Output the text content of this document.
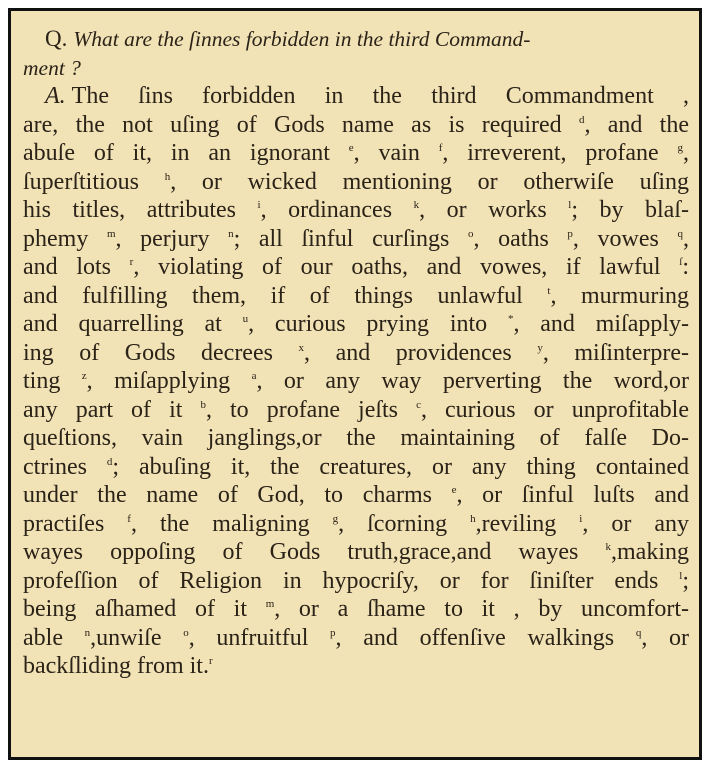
Q. What are the ſinnes forbidden in the third Command-
ment ?
A. The ſins forbidden in the third Commandment ,
are, the not uſing of Gods name as is required $^d$, and the
abuſe of it, in an ignorant $^e$, vain $^f$, irreverent, profane $^g$,
ſuperſtitious $^h$, or wicked mentioning or otherwiſe uſing
his titles, attributes $^i$, ordinances $^k$, or works $^l$; by blaſ-
phemy $^m$, perjury $^n$; all ſinful curſings $^o$, oaths $^p$, vowes $^q$,
and lots $^r$, violating of our oaths, and vowes, if lawful $^ſ$:
and fulfilling them, if of things unlawful $^t$, murmuring
and quarrelling at $^u$, curious prying into *, and miſapply-
ing of Gods decrees $^x$, and providences $^y$, miſinterpre-
ting $^z$, miſapplying $^a$, or any way perverting the word,or
any part of it $^b$, to profane jeſts $^c$, curious or unprofitable
queſtions, vain janglings,or the maintaining of falſe Do-
ctrines $^d$; abuſing it, the creatures, or any thing contained
under the name of God, to charms $^e$, or ſinful luſts and
practiſes $^f$, the maligning $^g$, ſcorning $^h$,reviling $^i$, or any
wayes oppoſing of Gods truth,grace,and wayes $^k$,making
profeſſion of Religion in hypocriſy, or for ſiniſter ends $^l$;
being aſhamed of it $^m$, or a ſhame to it , by uncomfort-
able $^n$,unwiſe $^o$, unfruitful $^p$, and offenſive walkings $^q$, or
backſliding from it.$^r$
